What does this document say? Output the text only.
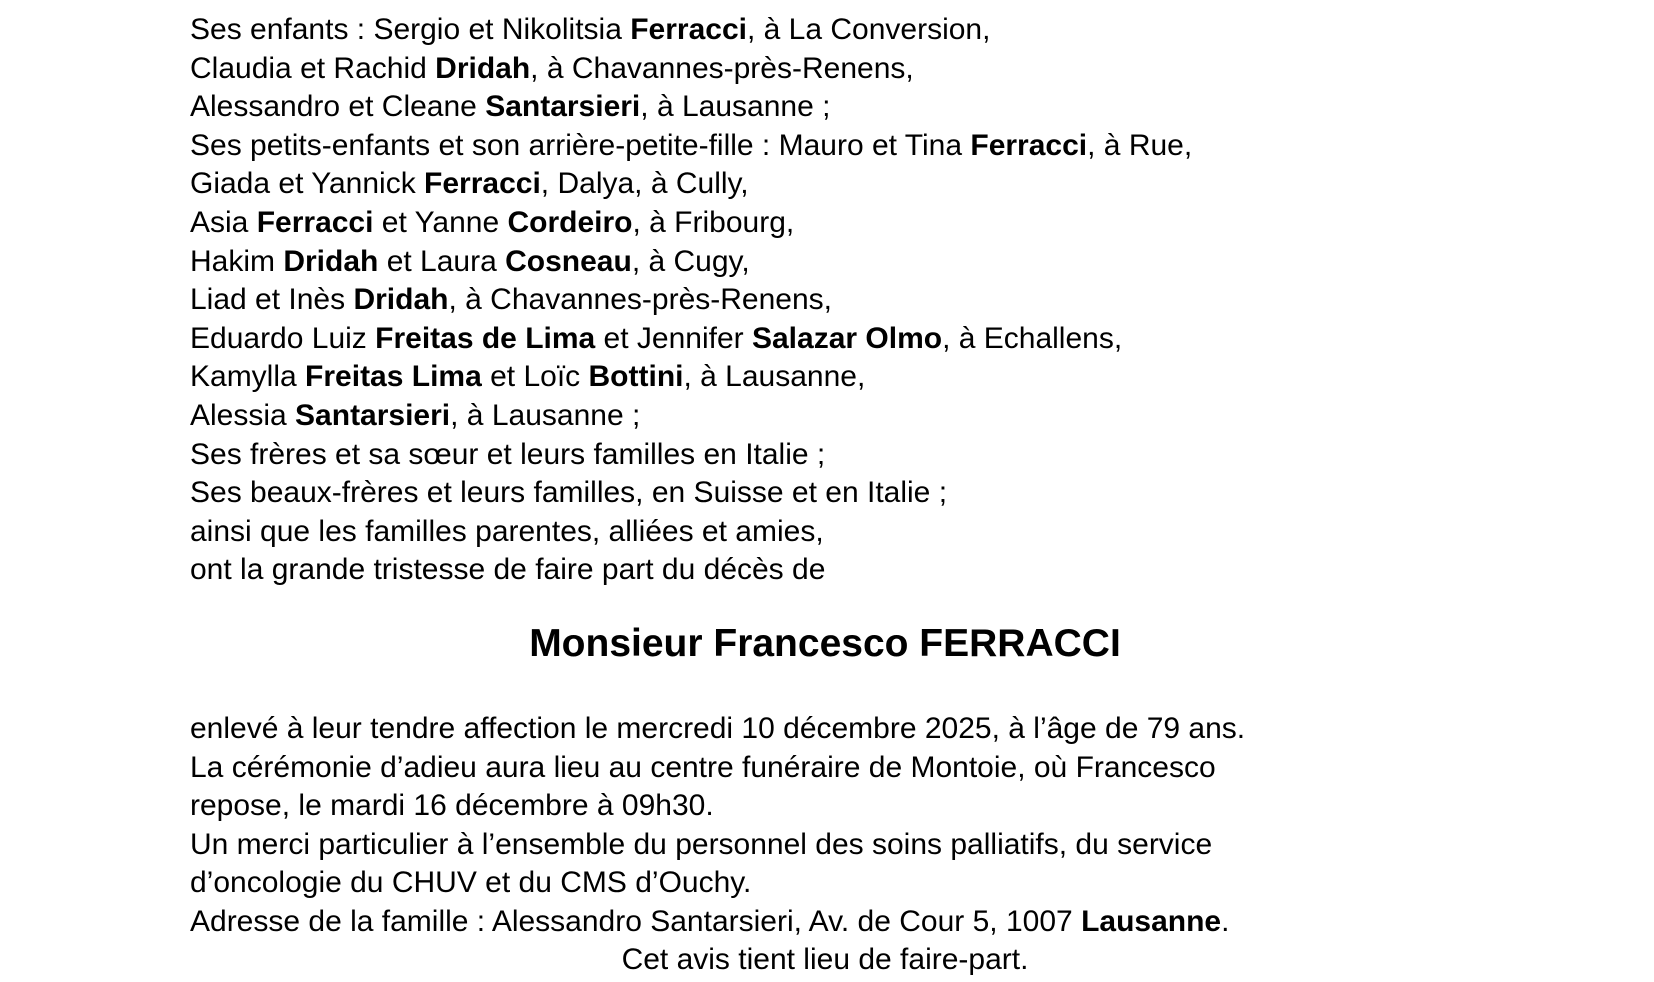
Ses enfants : Sergio et Nikolitsia Ferracci, à La Conversion,
Claudia et Rachid Dridah, à Chavannes-près-Renens,
Alessandro et Cleane Santarsieri, à Lausanne ;
Ses petits-enfants et son arrière-petite-fille : Mauro et Tina Ferracci, à Rue,
Giada et Yannick Ferracci, Dalya, à Cully,
Asia Ferracci et Yanne Cordeiro, à Fribourg,
Hakim Dridah et Laura Cosneau, à Cugy,
Liad et Inès Dridah, à Chavannes-près-Renens,
Eduardo Luiz Freitas de Lima et Jennifer Salazar Olmo, à Echallens,
Kamylla Freitas Lima et Loïc Bottini, à Lausanne,
Alessia Santarsieri, à Lausanne ;
Ses frères et sa sœur et leurs familles en Italie ;
Ses beaux-frères et leurs familles, en Suisse et en Italie ;
ainsi que les familles parentes, alliées et amies,
ont la grande tristesse de faire part du décès de
Monsieur Francesco FERRACCI
enlevé à leur tendre affection le mercredi 10 décembre 2025, à l’âge de 79 ans.
La cérémonie d’adieu aura lieu au centre funéraire de Montoie, où Francesco
repose, le mardi 16 décembre à 09h30.
Un merci particulier à l’ensemble du personnel des soins palliatifs, du service
d’oncologie du CHUV et du CMS d’Ouchy.
Adresse de la famille : Alessandro Santarsieri, Av. de Cour 5, 1007 Lausanne.
Cet avis tient lieu de faire-part.
